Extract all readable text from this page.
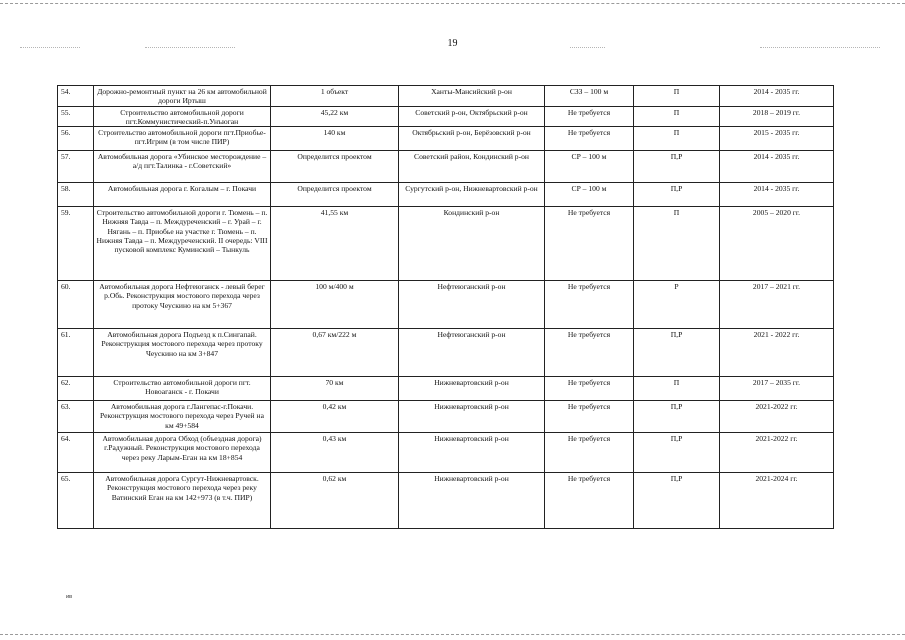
19
54.	Дорожно-ремонтный пункт на 26 км автомобильной дороги Иртыш	1 объект	Ханты-Мансийский р-он	СЗЗ – 100 м	П	2014 - 2035 гг.
55.	Строительство автомобильной дороги пгт.Коммунистический-п.Унъюган	45,22 км	Советский р-он, Октябрьский р-он	Не требуется	П	2018 – 2019 гг.
56.	Строительство автомобильной дороги пгт.Приобье-пгт.Игрим (в том числе ПИР)	140 км	Октябрьский р-он, Берёзовский р-он	Не требуется	П	2015 - 2035 гг.
57.	Автомобильная дорога «Убинское месторождение – а/д пгт.Талинка - г.Советский»	Определится проектом	Советский район, Кондинский р-он	СР – 100 м	П,Р	2014 - 2035 гг.
58.	Автомобильная дорога г. Когалым – г. Покачи	Определится проектом	Сургутский р-он, Нижневартовский р-он	СР – 100 м	П,Р	2014 - 2035 гг.
59.	Строительство автомобильной дороги г. Тюмень – п. Нижняя Тавда – п. Междуреченский – г. Урай – г. Нягань – п. Приобье на участке г. Тюмень – п. Нижняя Тавда – п. Междуреченский. II очередь: VIII пусковой комплекс Куминский – Тынкуль	41,55 км	Кондинский р-он	Не требуется	П	2005 – 2020 гг.
60.	Автомобильная дорога Нефтеюганск - левый берег р.Обь. Реконструкция мостового перехода через протоку Чеускино на км 5+367	100 м/400 м	Нефтеюганский р-он	Не требуется	Р	2017 – 2021 гг.
61.	Автомобильная дорога Подъезд к п.Сингапай. Реконструкция мостового перехода через протоку Чеускино на км 3+847	0,67 км/222 м	Нефтеюганский р-он	Не требуется	П,Р	2021 - 2022 гг.
62.	Строительство автомобильной дороги пгт. Новоаганск - г. Покачи	70 км	Нижневартовский р-он	Не требуется	П	2017 – 2035 гг.
63.	Автомобильная дорога г.Лангепас-г.Покачи. Реконструкция мостового перехода через Ручей на км 49+584	0,42 км	Нижневартовский р-он	Не требуется	П,Р	2021-2022 гг.
64.	Автомобильная дорога Обход (объездная дорога) г.Радужный. Реконструкция мостового перехода через реку Ларым-Еган на км 18+854	0,43 км	Нижневартовский р-он	Не требуется	П,Р	2021-2022 гг.
65.	Автомобильная дорога Сургут-Нижневартовск. Реконструкция мостового перехода через реку Ватинский Еган на км 142+973 (в т.ч. ПИР)	0,62 км	Нижневартовский р-он	Не требуется	П,Р	2021-2024 гг.
ив
